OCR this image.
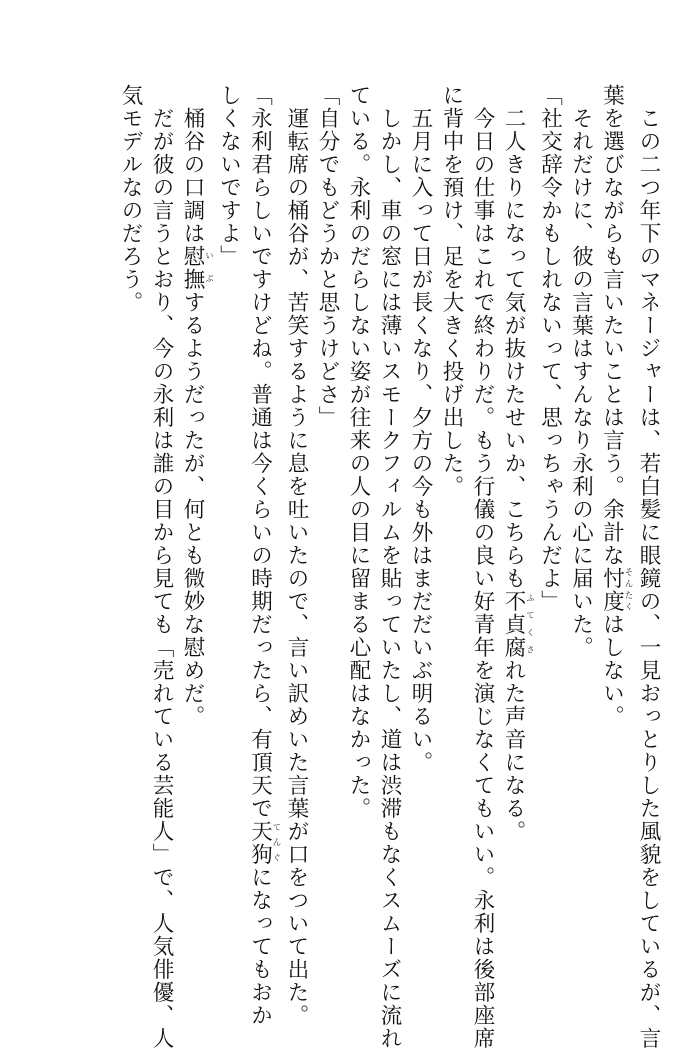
　この二つ年下のマネージャーは、若白髪に眼鏡の、一見おっとりした風貌をしているが、言
葉を選びながらも言いたいことは言う。余計な忖度そんたくはしない。
　それだけに、彼の言葉はすんなり永利の心に届いた。
「社交辞令かもしれないって、思っちゃうんだよ」
　二人きりになって気が抜けたせいか、こちらも不貞腐ふてくされた声音になる。
　今日の仕事はこれで終わりだ。もう行儀の良い好青年を演じなくてもいい。永利は後部座席
に背中を預け、足を大きく投げ出した。
　五月に入って日が長くなり、夕方の今も外はまだだいぶ明るい。
　しかし、車の窓には薄いスモークフィルムを貼っていたし、道は渋滞もなくスムーズに流れ
ている。永利のだらしない姿が往来の人の目に留まる心配はなかった。
「自分でもどうかと思うけどさ」
　運転席の桶谷が、苦笑するように息を吐いたので、言い訳めいた言葉が口をついて出た。
「永利君らしいですけどね。普通は今くらいの時期だったら、有頂天で天狗てんぐになってもおか
しくないですよ」
　桶谷の口調は慰撫いぶするようだったが、何とも微妙な慰めだ。
　だが彼の言うとおり、今の永利は誰の目から見ても「売れている芸能人」で、人気俳優、人
気モデルなのだろう。
